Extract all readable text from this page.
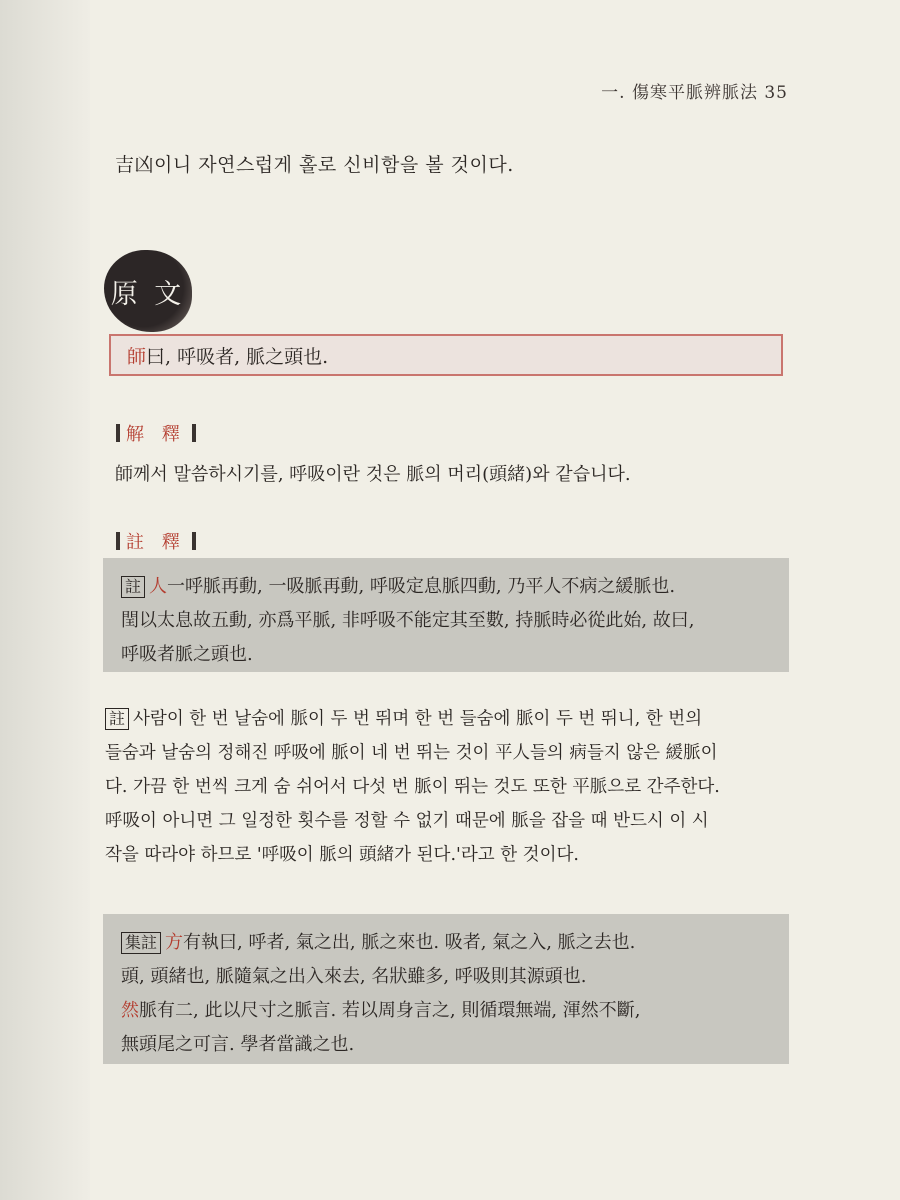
一. 傷寒平脈辨脈法 35
吉凶이니 자연스럽게 홀로 신비함을 볼 것이다.
原 文
師 曰, 呼吸者, 脈之頭也.
解 釋
師께서 말씀하시기를, 呼吸이란 것은 脈의 머리(頭緒)와 같습니다.
註 釋
註 人一呼脈再動, 一吸脈再動, 呼吸定息脈四動, 乃平人不病之緩脈也.
閏以太息故五動, 亦爲平脈, 非呼吸不能定其至數, 持脈時必從此始, 故曰,
呼吸者脈之頭也.
註 사람이 한 번 날숨에 脈이 두 번 뛰며 한 번 들숨에 脈이 두 번 뛰니, 한 번의
들숨과 날숨의 정해진 呼吸에 脈이 네 번 뛰는 것이 平人들의 病들지 않은 緩脈이
다. 가끔 한 번씩 크게 숨 쉬어서 다섯 번 脈이 뛰는 것도 또한 平脈으로 간주한다.
呼吸이 아니면 그 일정한 횟수를 정할 수 없기 때문에 脈을 잡을 때 반드시 이 시
작을 따라야 하므로 '呼吸이 脈의 頭緒가 된다.'라고 한 것이다.
集註 方有執曰, 呼者, 氣之出, 脈之來也. 吸者, 氣之入, 脈之去也.
頭, 頭緒也, 脈隨氣之出入來去, 名狀雖多, 呼吸則其源頭也.
然脈有二, 此以尺寸之脈言. 若以周身言之, 則循環無端, 渾然不斷,
無頭尾之可言. 學者當識之也.
